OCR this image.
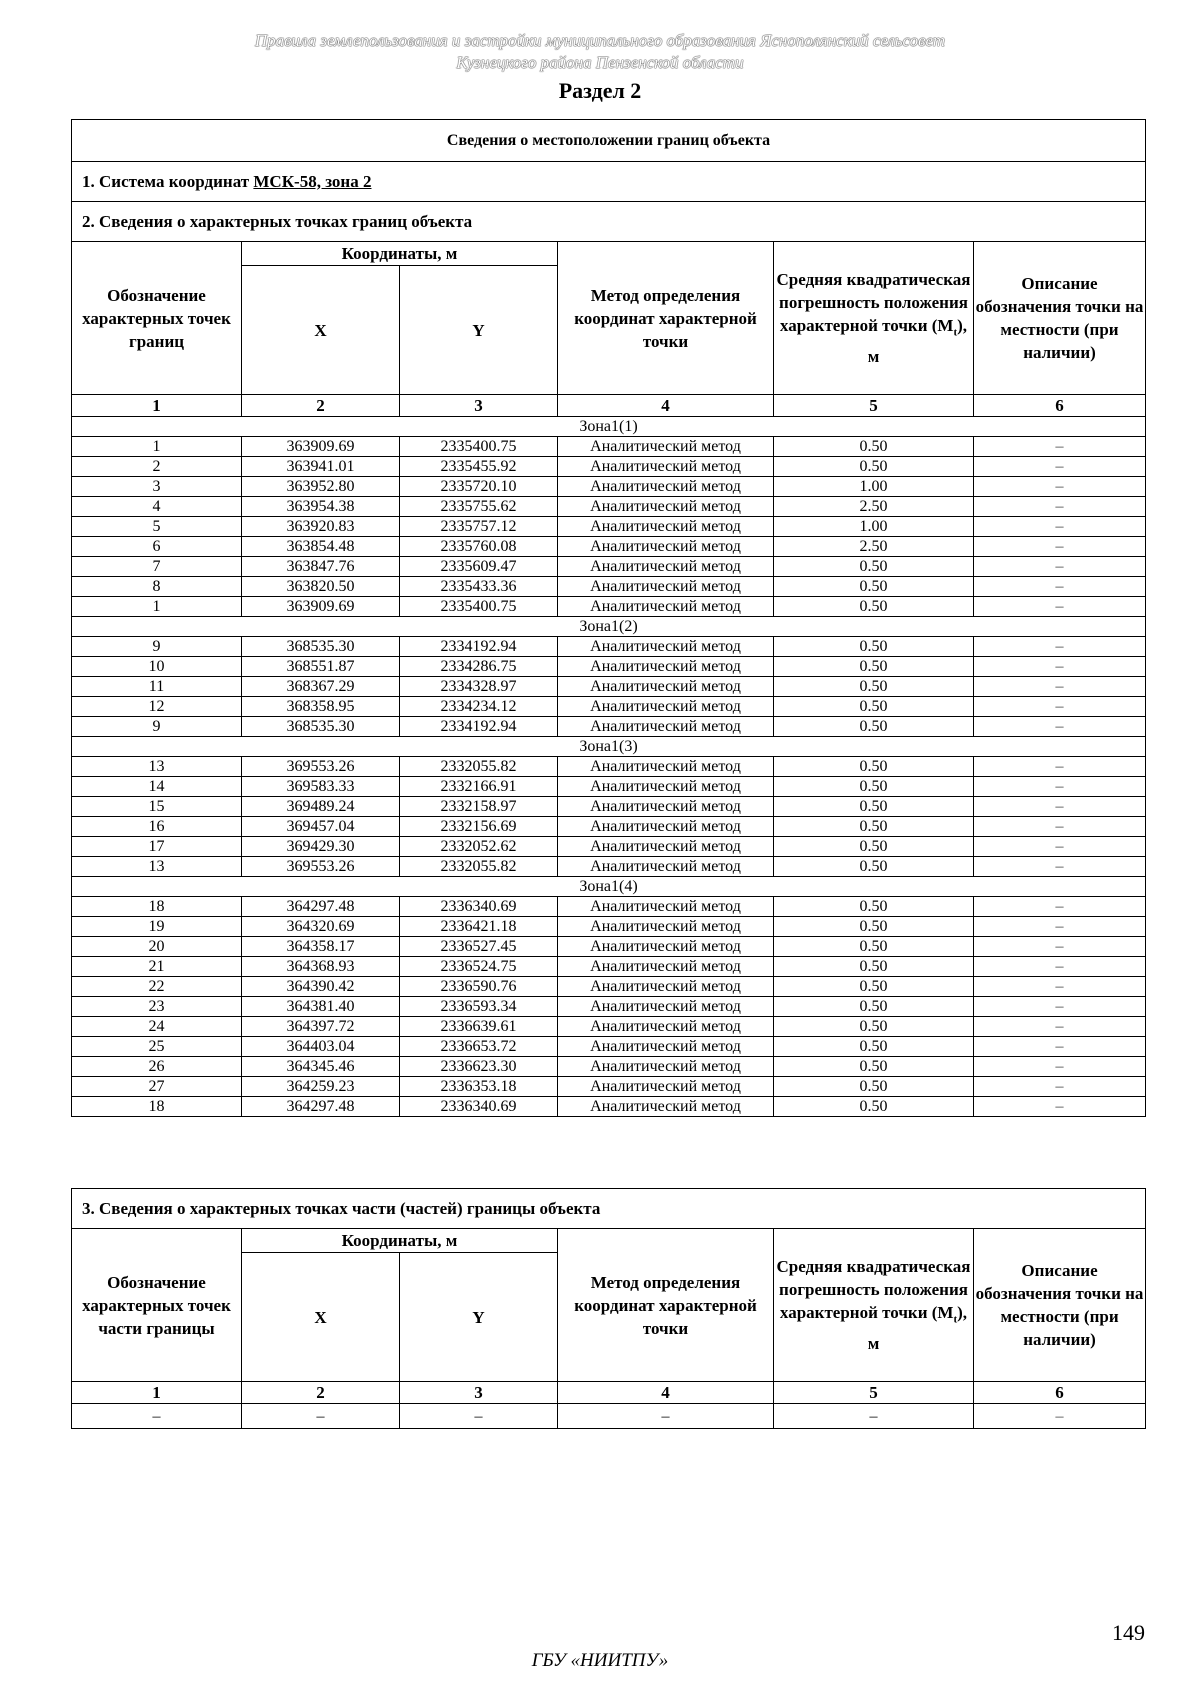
Правила землепользования и застройки муниципального образования Яснополянский сельсовет
Кузнецкого района Пензенской области
Раздел 2
Сведения о местоположении границ объекта					
1. Система координат МСК-58, зона 2					
2. Сведения о характерных точках границ объекта					
Обозначение характерных точек границ	Координаты, м		Метод определения координат характерной точки	Средняя квадратическая погрешность положения характерной точки $(М_t)$, м	Описание обозначения точки на местности (при наличии)
	X	Y			
1	2	3	4	5	6
Зона1(1)					
1	363909.69	2335400.75	Аналитический метод	0.50	–
2	363941.01	2335455.92	Аналитический метод	0.50	–
3	363952.80	2335720.10	Аналитический метод	1.00	–
4	363954.38	2335755.62	Аналитический метод	2.50	–
5	363920.83	2335757.12	Аналитический метод	1.00	–
6	363854.48	2335760.08	Аналитический метод	2.50	–
7	363847.76	2335609.47	Аналитический метод	0.50	–
8	363820.50	2335433.36	Аналитический метод	0.50	–
1	363909.69	2335400.75	Аналитический метод	0.50	–
Зона1(2)					
9	368535.30	2334192.94	Аналитический метод	0.50	–
10	368551.87	2334286.75	Аналитический метод	0.50	–
11	368367.29	2334328.97	Аналитический метод	0.50	–
12	368358.95	2334234.12	Аналитический метод	0.50	–
9	368535.30	2334192.94	Аналитический метод	0.50	–
Зона1(3)					
13	369553.26	2332055.82	Аналитический метод	0.50	–
14	369583.33	2332166.91	Аналитический метод	0.50	–
15	369489.24	2332158.97	Аналитический метод	0.50	–
16	369457.04	2332156.69	Аналитический метод	0.50	–
17	369429.30	2332052.62	Аналитический метод	0.50	–
13	369553.26	2332055.82	Аналитический метод	0.50	–
Зона1(4)					
18	364297.48	2336340.69	Аналитический метод	0.50	–
19	364320.69	2336421.18	Аналитический метод	0.50	–
20	364358.17	2336527.45	Аналитический метод	0.50	–
21	364368.93	2336524.75	Аналитический метод	0.50	–
22	364390.42	2336590.76	Аналитический метод	0.50	–
23	364381.40	2336593.34	Аналитический метод	0.50	–
24	364397.72	2336639.61	Аналитический метод	0.50	–
25	364403.04	2336653.72	Аналитический метод	0.50	–
26	364345.46	2336623.30	Аналитический метод	0.50	–
27	364259.23	2336353.18	Аналитический метод	0.50	–
18	364297.48	2336340.69	Аналитический метод	0.50	–
3. Сведения о характерных точках части (частей) границы объекта					
Обозначение характерных точек части границы	Координаты, м		Метод определения координат характерной точки	Средняя квадратическая погрешность положения характерной точки $(М_t)$, м	Описание обозначения точки на местности (при наличии)
	X	Y			
1	2	3	4	5	6
–	–	–	–	–	–
149
ГБУ «НИИТПУ»
